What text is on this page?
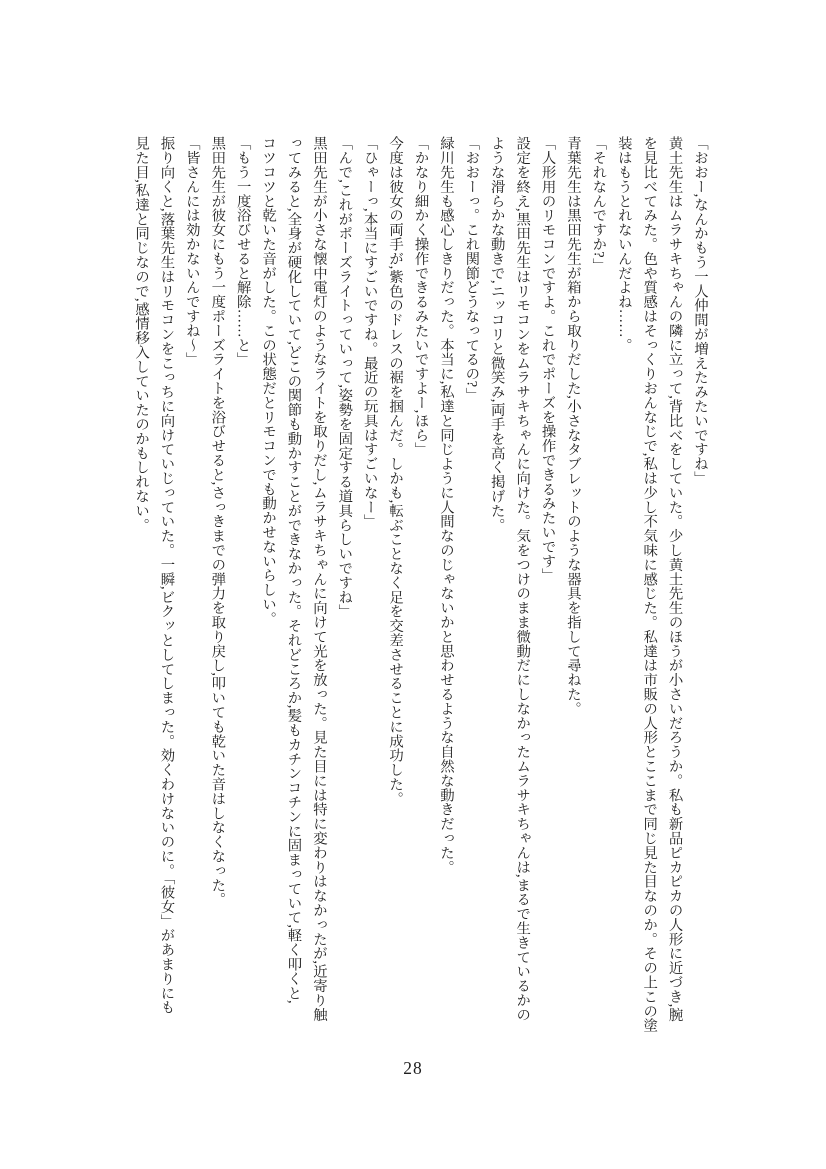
「おおー,なんかもう一人仲間が増えたみたいですね」
黄土先生はムラサキちゃんの隣に立って,背比べをしていた。少し黄土先生のほうが小さいだろうか。私も新品ピカピカの人形に近づき,腕
を見比べてみた。色や質感はそっくりおんなじで,私は少し不気味に感じた。私達は市販の人形とここまで同じ見た目なのか。その上この塗
装はもうとれないんだよね……。
「それなんですか?」
青葉先生は黒田先生が箱から取りだした,小さなタブレットのような器具を指して尋ねた。
「人形用のリモコンですよ。これでポーズを操作できるみたいです」
設定を終え,黒田先生はリモコンをムラサキちゃんに向けた。気をつけのまま微動だにしなかったムラサキちゃんは,まるで生きているかの
ような滑らかな動きで,ニッコリと微笑み,両手を高く掲げた。
「おおーっ。これ関節どうなってるの?」
緑川先生も感心しきりだった。本当に,私達と同じように人間なのじゃないかと思わせるような自然な動きだった。
「かなり細かく操作できるみたいですよー,ほら」
今度は彼女の両手が,紫色のドレスの裾を掴んだ。しかも,転ぶことなく足を交差させることに成功した。
「ひゃーっ,本当にすごいですね。最近の玩具はすごいなー」
「んで,これがポーズライトっていって,姿勢を固定する道具らしいですね」
黒田先生が小さな懐中電灯のようなライトを取りだし,ムラサキちゃんに向けて光を放った。見た目には特に変わりはなかったが,近寄り触
ってみると,全身が硬化していて,どこの関節も動かすことができなかった。それどころか,髪もカチンコチンに固まっていて,軽く叩くと,
コツコツと乾いた音がした。この状態だとリモコンでも動かせないらしい。
「もう一度浴びせると解除……と」
黒田先生が彼女にもう一度ポーズライトを浴びせると,さっきまでの弾力を取り戻し,叩いても乾いた音はしなくなった。
「皆さんには効かないんですね〜」
振り向くと,落葉先生はリモコンをこっちに向けていじっていた。一瞬,ビクッとしてしまった。効くわけないのに。「彼女」があまりにも
見た目,私達と同じなので,感情移入していたのかもしれない。
28
